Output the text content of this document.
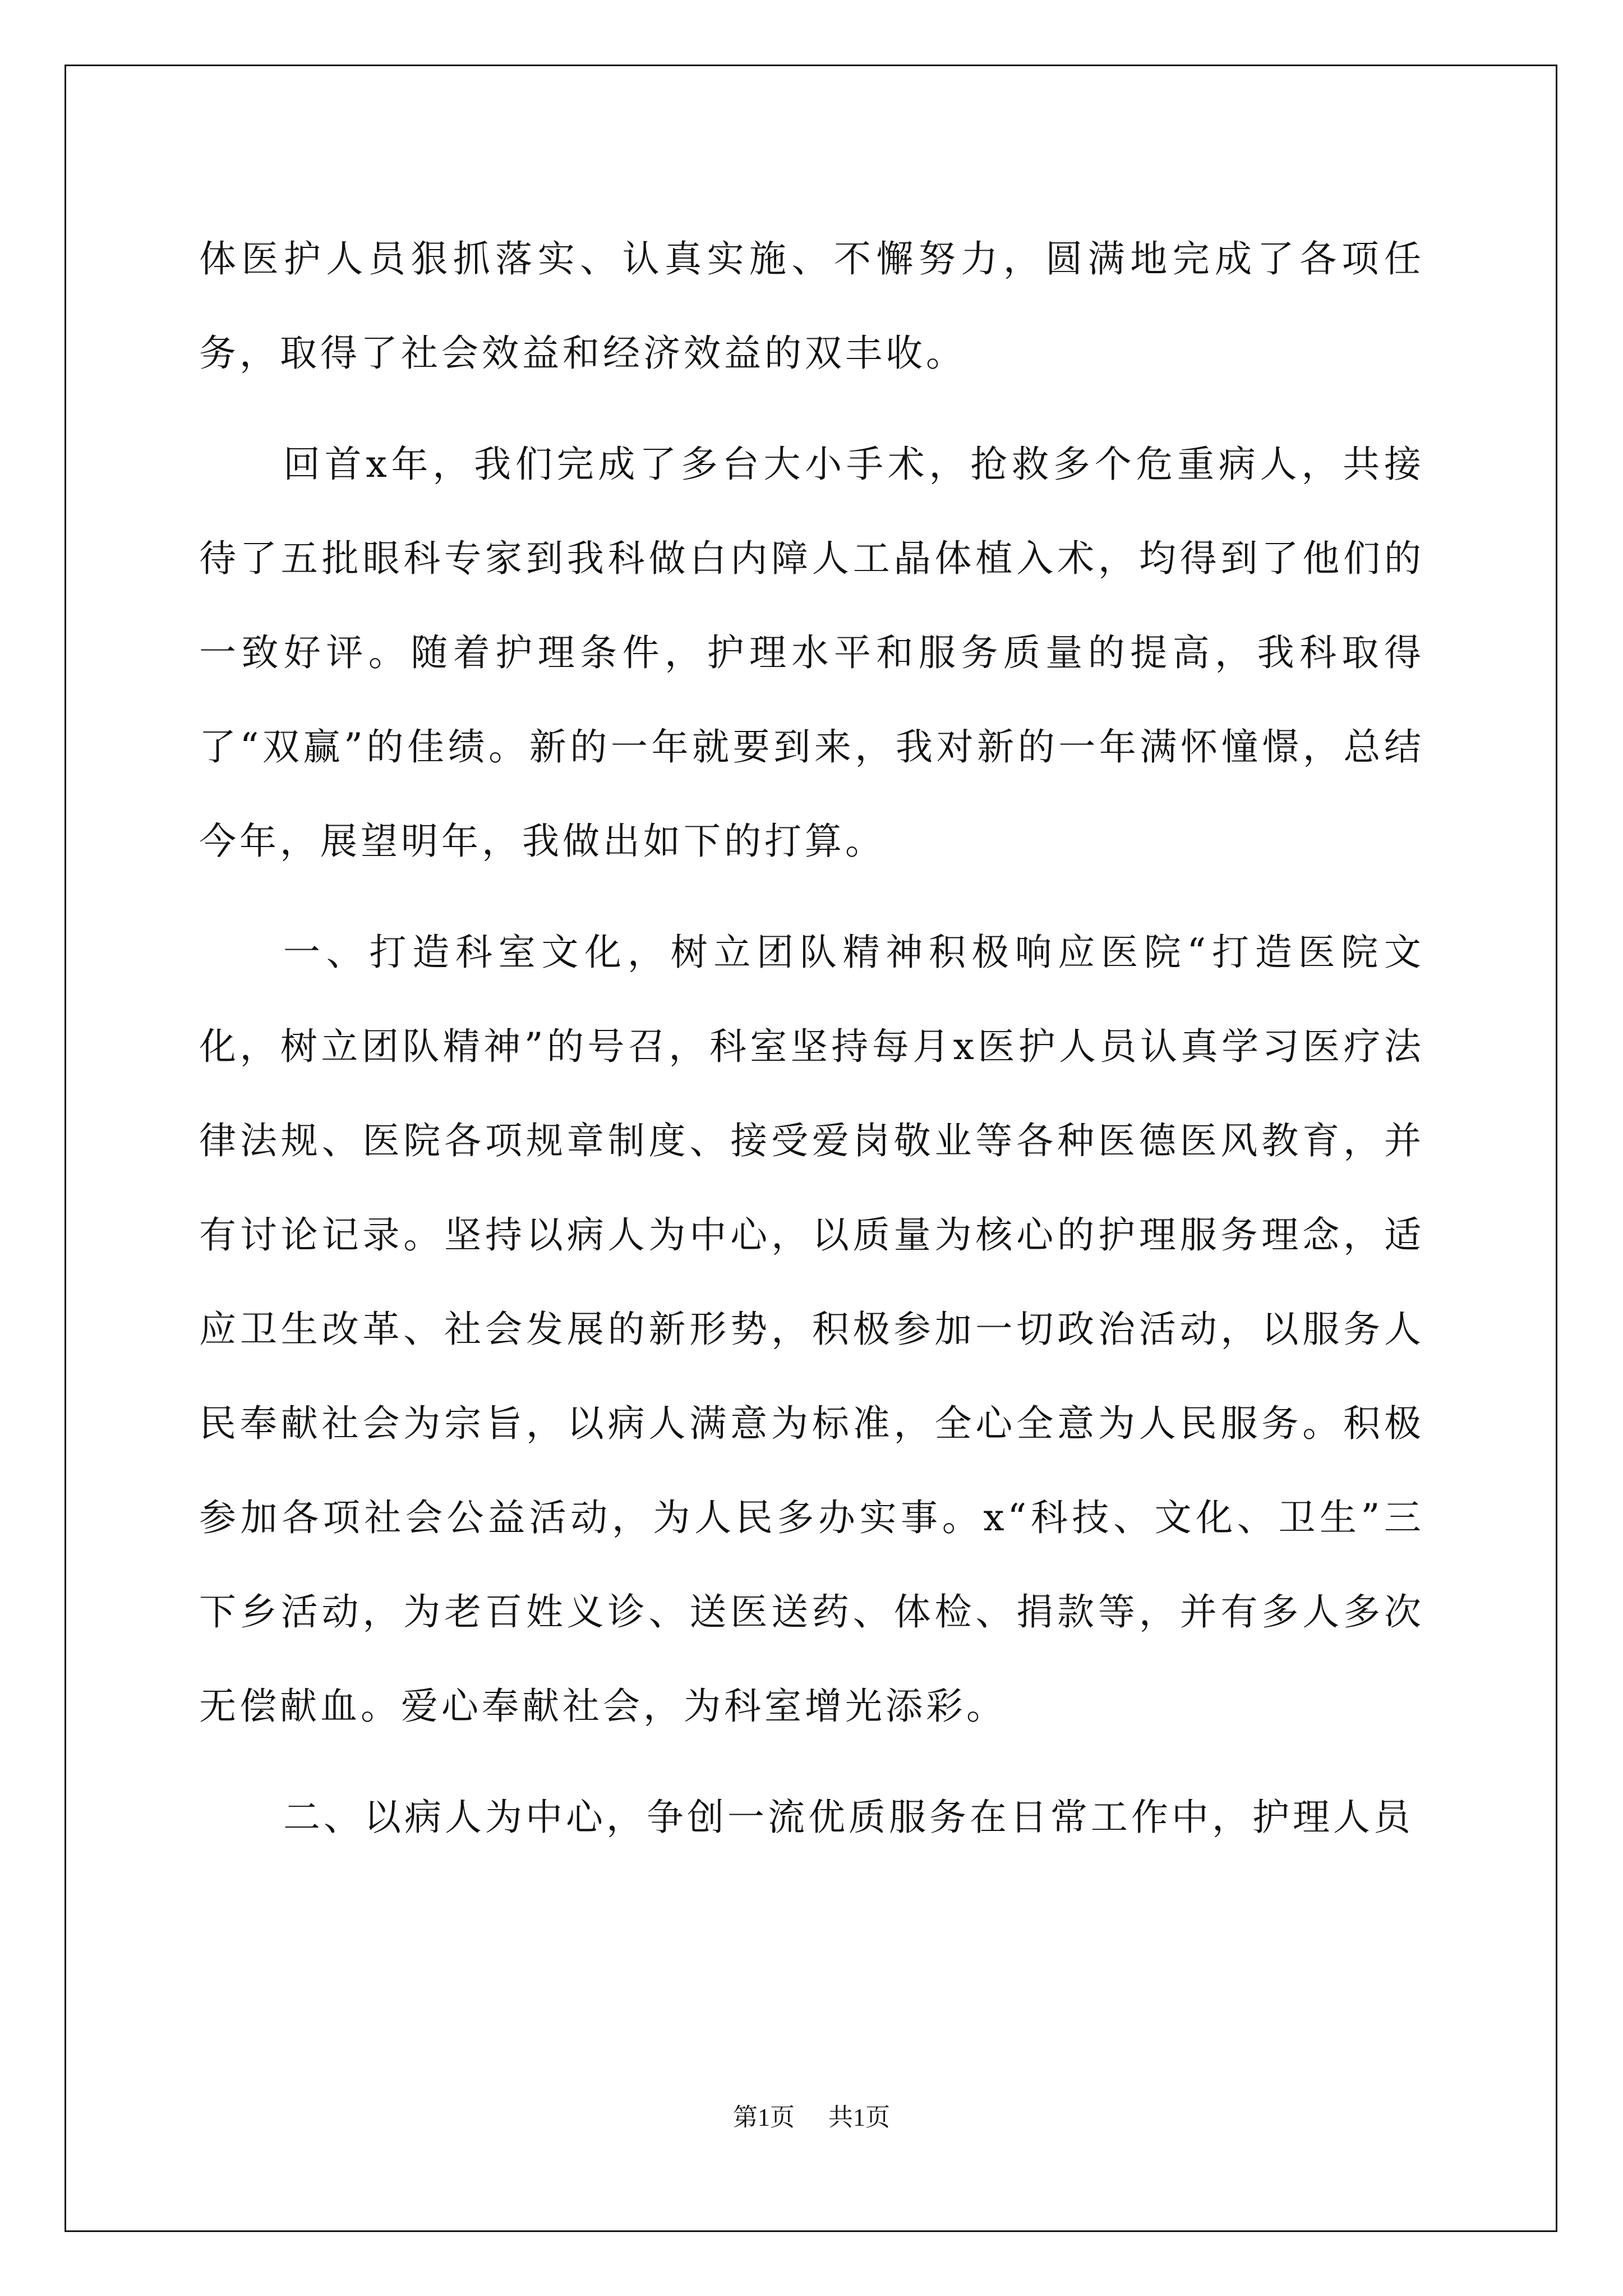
体医护人员狠抓落实、认真实施、不懈努力，圆满地完成了各项任务，取得了社会效益和经济效益的双丰收。

回首x年，我们完成了多台大小手术，抢救多个危重病人，共接待了五批眼科专家到我科做白内障人工晶体植入术，均得到了他们的一致好评。随着护理条件，护理水平和服务质量的提高，我科取得了“双赢”的佳绩。新的一年就要到来，我对新的一年满怀憧憬，总结今年，展望明年，我做出如下的打算。

一、打造科室文化，树立团队精神积极响应医院“打造医院文化，树立团队精神”的号召，科室坚持每月x医护人员认真学习医疗法律法规、医院各项规章制度、接受爱岗敬业等各种医德医风教育，并有讨论记录。坚持以病人为中心，以质量为核心的护理服务理念，适应卫生改革、社会发展的新形势，积极参加一切政治活动，以服务人民奉献社会为宗旨，以病人满意为标准，全心全意为人民服务。积极参加各项社会公益活动，为人民多办实事。x“科技、文化、卫生”三下乡活动，为老百姓义诊、送医送药、体检、捐款等，并有多人多次无偿献血。爱心奉献社会，为科室增光添彩。

二、以病人为中心，争创一流优质服务在日常工作中，护理人员

第1页 共1页
